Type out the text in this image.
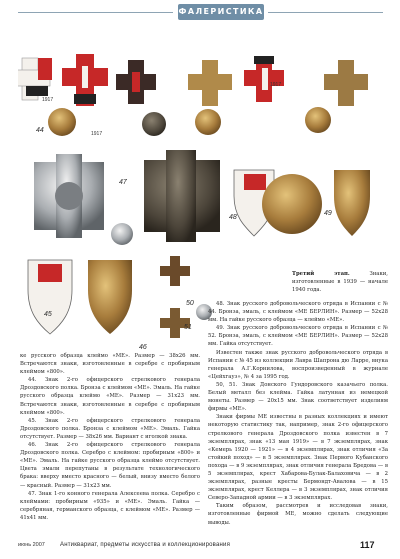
ФАЛЕРИСТИКА
44
47
45
46
48
49
50
51
1917
1917
1917

Третий этап. Знаки, изготовленные в 1939 — начале 1940 года.

ке русского образца клеймо «МЕ». Размер — 38x26 мм. Встречаются знаки, изготовленные в серебре с пробирным клеймом «800».

44. Знак 2-го офицерского стрелкового генерала Дроздовского полка. Бронза с клеймом «МЕ». Эмаль. На гайке русского образца клеймо «МЕ». Размер — 31x23 мм. Встречаются знаки, изготовленные в серебре с пробирным клеймом «800».

45. Знак 2-го офицерского стрелкового генерала Дроздовского полка. Бронза с клеймом «МЕ». Эмаль. Гайка отсутствует. Размер — 38x26 мм. Вариант с иголкой знака.

46. Знак 2-го офицерского стрелкового генерала Дроздовского полка. Серебро с клеймом: пробирным «800» и «МЕ». Эмаль. На гайке русского образца клеймо отсутствует. Цвета эмали перепутаны в результате технологического брака: вверху вместо красного — белый, внизу вместо белого — красный. Размер — 31x23 мм.

47. Знак 1-го конного генерала Алексеева полка. Серебро с клеймами: пробирным «935» и «МЕ». Эмаль. Гайка — серебряная, германского образца, с клеймом «МЕ». Размер — 41x41 мм.

48. Знак русского добровольческого отряда в Испании с № 44. Бронза, эмаль, с клеймом «МЕ БЕРЛИН». Размер — 52x28 мм. На гайке русского образца — клеймо «МЕ».

49. Знак русского добровольческого отряда в Испании с № 52. Бронза, эмаль, с клеймом «МЕ БЕРЛИН». Размер — 52x28 мм. Гайка отсутствует.

Известен также знак русского добровольческого отряда в Испании с № 45 из коллекции Лавра Шапрона дю Ларре, внука генерала А.Г.Корнилова, воспроизведенный в журнале «Цейхгауз», № 4 за 1995 год.

50, 51. Знак Донского Гундоровского казачьего полка. Белый металл без клейма. Гайка латунная из немецкой монеты. Размер — 20x15 мм. Знак соответствует изделиям фирмы «МЕ».

Знаки фирмы МЕ известны в разных коллекциях и имеют некоторую статистику так, например, знак 2-го офицерского стрелкового генерала Дроздовского полка известен в 7 экземплярах, знак «13 мая 1919» — в 7 экземплярах, знак «Кемерь 1920 — 1921» — в 4 экземплярах, знак отличия «За стойкий поход» — в 5 экземплярах. Знак Первого Кубанского похода — в 9 экземплярах, знак отличия генерала Бредова — в 5 экземплярах, крест Хабарова-Булак-Балаховича — в 2 экземплярах, разные кресты Бермондт-Авалова — в 15 экземплярах, крест Келлера — в 3 экземплярах, знак отличия Северо-Западной армии — в 3 экземплярах.

Таким образом, рассмотрев и исследовав знаки, изготовленные фирмой МЕ, можно сделать следующие выводы.

июнь 2007	Антиквариат, предметы искусства и коллекционирования	117
